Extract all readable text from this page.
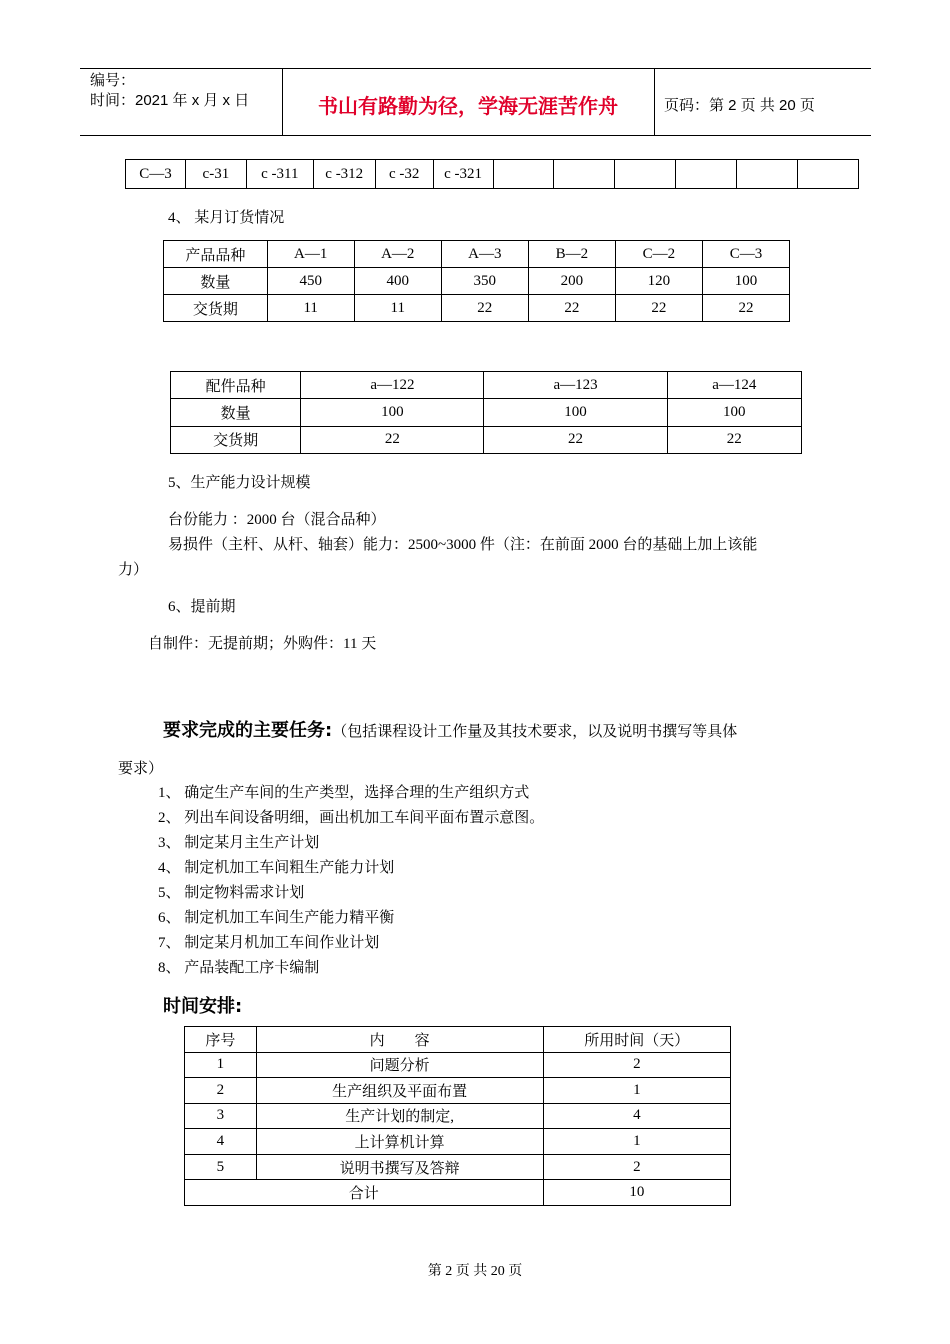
编号：
时间：2021 年 x 月 x 日	书山有路勤为径，学海无涯苦作舟	页码：第 2 页 共 20 页
C—3	c-31	c -311	c -312	c -32	c -321						
4、 某月订货情况
产品品种	A—1	A—2	A—3	B—2	C—2	C—3
数量	450	400	350	200	120	100
交货期	11	11	22	22	22	22
配件品种	a—122	a—123	a—124
数量	100	100	100
交货期	22	22	22
5、生产能力设计规模
台份能力 ：2000 台（混合品种）
易损件（主杆、从杆、轴套）能力：2500~3000 件（注：在前面 2000 台的基础上加上该能
力）
6、提前期
自制件：无提前期；外购件：11 天
要求完成的主要任务:（包括课程设计工作量及其技术要求，以及说明书撰写等具体
要求）
1、 确定生产车间的生产类型，选择合理的生产组织方式
2、 列出车间设备明细，画出机加工车间平面布置示意图。
3、 制定某月主生产计划
4、 制定机加工车间粗生产能力计划
5、 制定物料需求计划
6、 制定机加工车间生产能力精平衡
7、 制定某月机加工车间作业计划
8、 产品装配工序卡编制
时间安排:
序号	内　　容	所用时间（天）
1	问题分析	2
2	生产组织及平面布置	1
3	生产计划的制定,	4
4	上计算机计算	1
5	说明书撰写及答辩	2
合计		10
第 2 页 共 20 页
